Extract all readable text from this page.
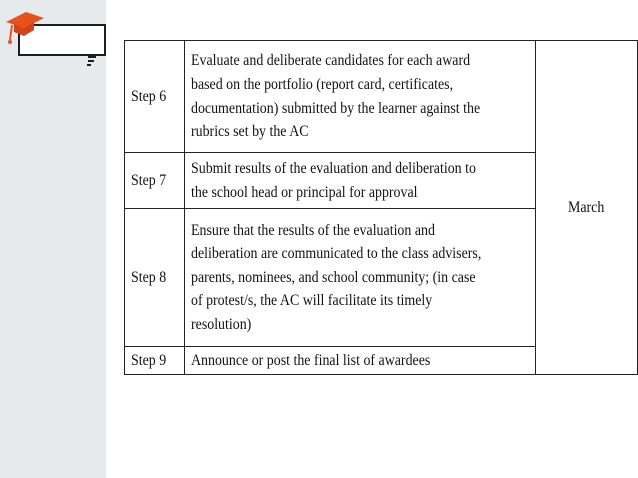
Step 6	Evaluate and deliberate candidates for each award
based on the portfolio (report card, certificates,
documentation) submitted by the learner against the
rubrics set by the AC	March
Step 7	Submit results of the evaluation and deliberation to
the school head or principal for approval	
Step 8	Ensure that the results of the evaluation and
deliberation are communicated to the class advisers,
parents, nominees, and school community; (in case
of protest/s, the AC will facilitate its timely
resolution)	
Step 9	Announce or post the final list of awardees	
